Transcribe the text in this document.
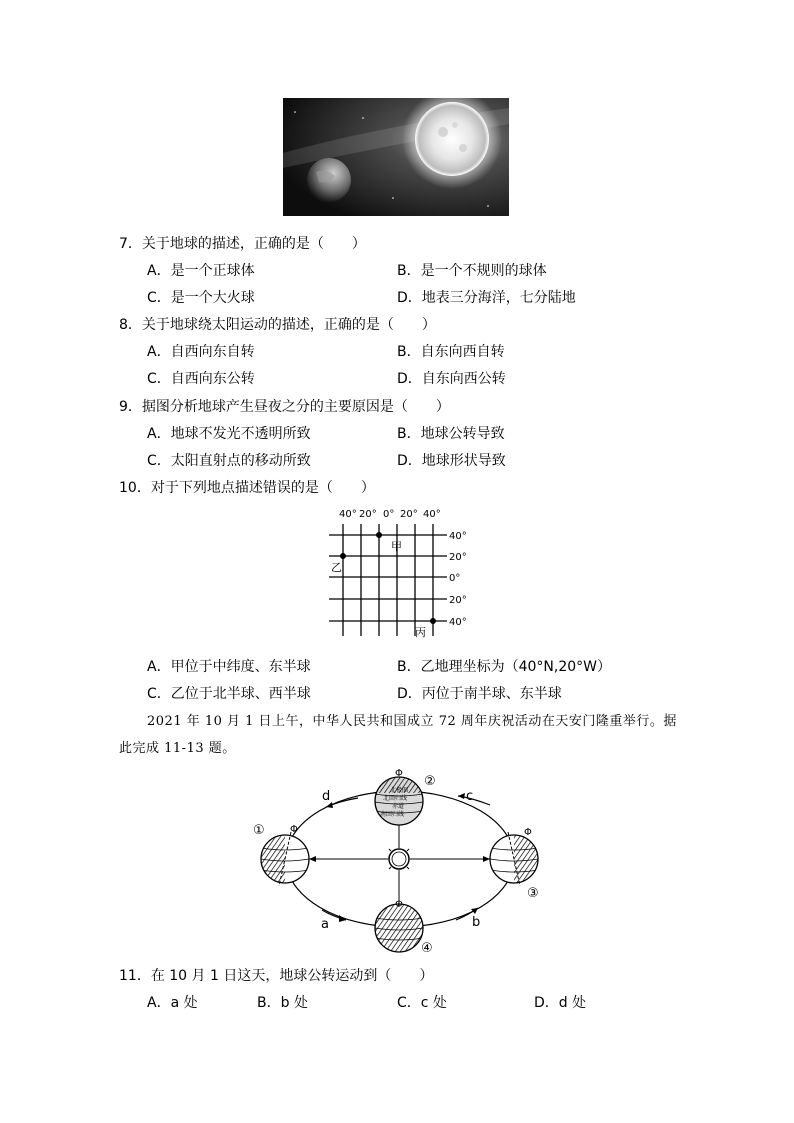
7．关于地球的描述，正确的是（　　）
A．是一个正球体	B．是一个不规则的球体
C．是一个大火球	D．地表三分海洋，七分陆地
8．关于地球绕太阳运动的描述，正确的是（　　）
A．自西向东自转	B．自东向西自转
C．自西向东公转	D．自东向西公转
9．据图分析地球产生昼夜之分的主要原因是（　　）
A．地球不发光不透明所致	B．地球公转导致
C．太阳直射点的移动所致	D．地球形状导致
10．对于下列地点描述错误的是（　　）
40° 20° 0° 20° 40°
40°
20°
0°
20°
40°
甲
乙
丙
A．甲位于中纬度、东半球	B．乙地理坐标为（40°N,20°W）
C．乙位于北半球、西半球	D．丙位于南半球、东半球
2021 年 10 月 1 日上午，中华人民共和国成立 72 周年庆祝活动在天安门隆重举行。据
此完成 11-13 题。
北极圈
北回归线
赤道
南回归线
Φ
Φ
Φ
Φ
①
②
③
④
d	c
a	b
11．在 10 月 1 日这天，地球公转运动到（　　）
A．a 处	B．b 处	C．c 处	D．d 处
